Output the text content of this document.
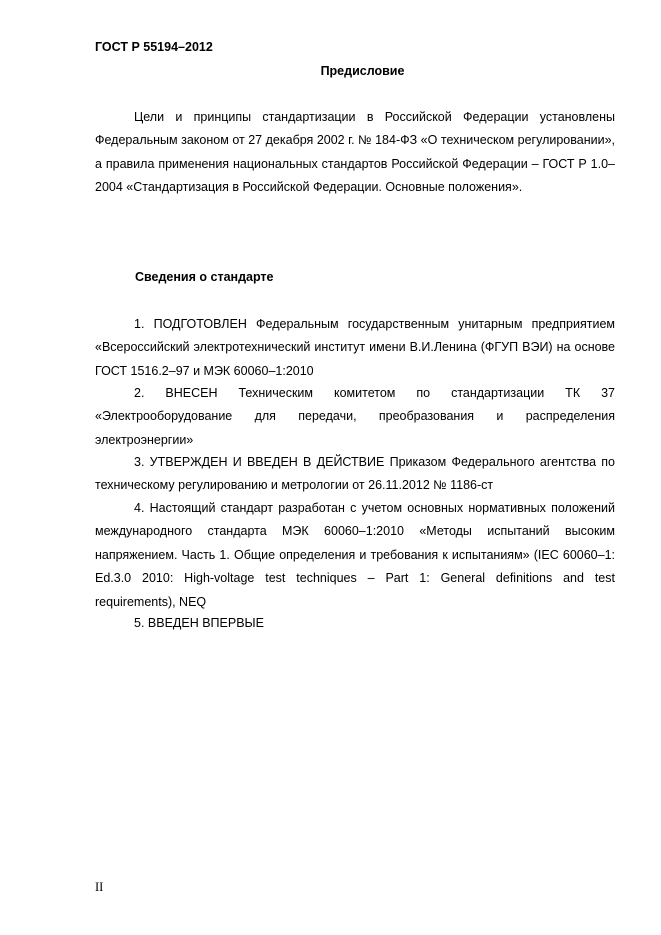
ГОСТ Р 55194–2012
Предисловие

Цели и принципы стандартизации в Российской Федерации установлены Федеральным законом от 27 декабря 2002 г. № 184-ФЗ «О техническом регулировании», а правила применения национальных стандартов Российской Федерации – ГОСТ Р 1.0–2004 «Стандартизация в Российской Федерации. Основные положения».

Сведения о стандарте

1. ПОДГОТОВЛЕН Федеральным государственным унитарным предприятием «Всероссийский электротехнический институт имени В.И.Ленина (ФГУП ВЭИ) на основе ГОСТ 1516.2–97 и МЭК 60060–1:2010

2. ВНЕСЕН Техническим комитетом по стандартизации ТК 37 «Электрооборудование для передачи, преобразования и распределения электроэнергии»

3. УТВЕРЖДЕН И ВВЕДЕН В ДЕЙСТВИЕ Приказом Федерального агентства по техническому регулированию и метрологии от 26.11.2012 № 1186-ст

4. Настоящий стандарт разработан с учетом основных нормативных положений международного стандарта МЭК 60060–1:2010 «Методы испытаний высоким напряжением. Часть 1. Общие определения и требования к испытаниям» (IEC 60060–1: Ed.3.0 2010: High-voltage test techniques – Part 1: General definitions and test requirements), NEQ

5. ВВЕДЕН ВПЕРВЫЕ

II
